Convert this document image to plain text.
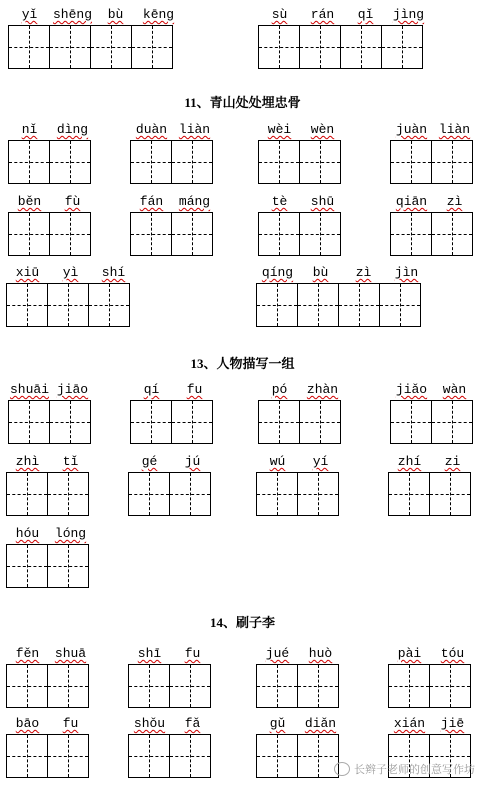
11、青山处处埋忠骨
13、人物描写一组
14、刷子李
yǐ	shēng	bù	kēng	sù	rán	qǐ	jìng
nǐ	dìng	duàn liàn	wèi	wèn	juàn liàn
běn	fù	fán	máng	tè	shū	qiān	zì
xiū	yì	shí	qíng	bù	zì	jìn
shuāi jiāo	qí	fu	pó	zhàn	jiǎo	wàn
zhì	tǐ	gé	jú	wú	yí	zhí	zi
hóu	lóng
fěn	shuā	shī	fu	jué	huò	pài	tóu
bāo	fu	shǒu	fǎ	gǔ	diǎn	xián	jiē
长辫子老师的创意写作坊
